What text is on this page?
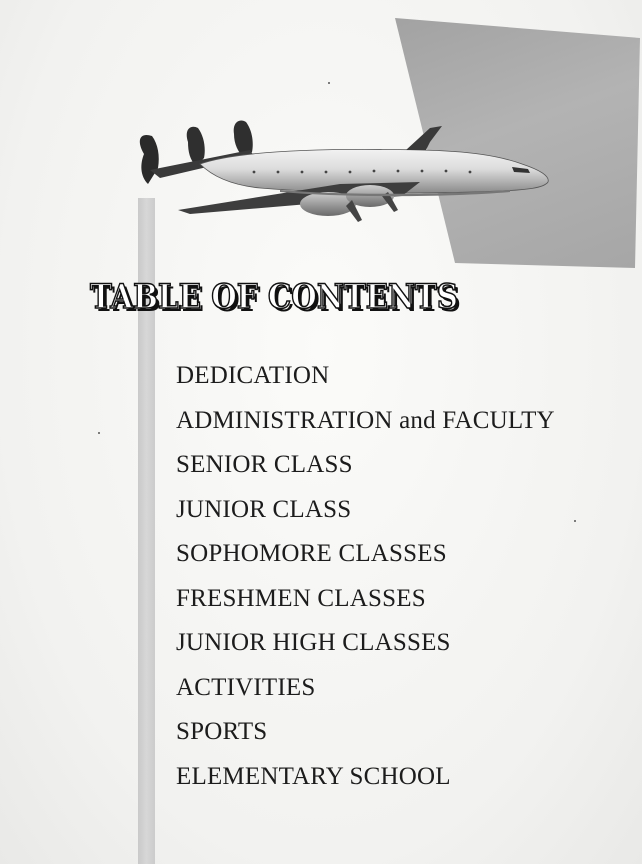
TABLE OF CONTENTS
TABLE OF CONTENTS
DEDICATION
ADMINISTRATION and FACULTY
SENIOR CLASS
JUNIOR CLASS
SOPHOMORE CLASSES
FRESHMEN CLASSES
JUNIOR HIGH CLASSES
ACTIVITIES
SPORTS
ELEMENTARY SCHOOL
